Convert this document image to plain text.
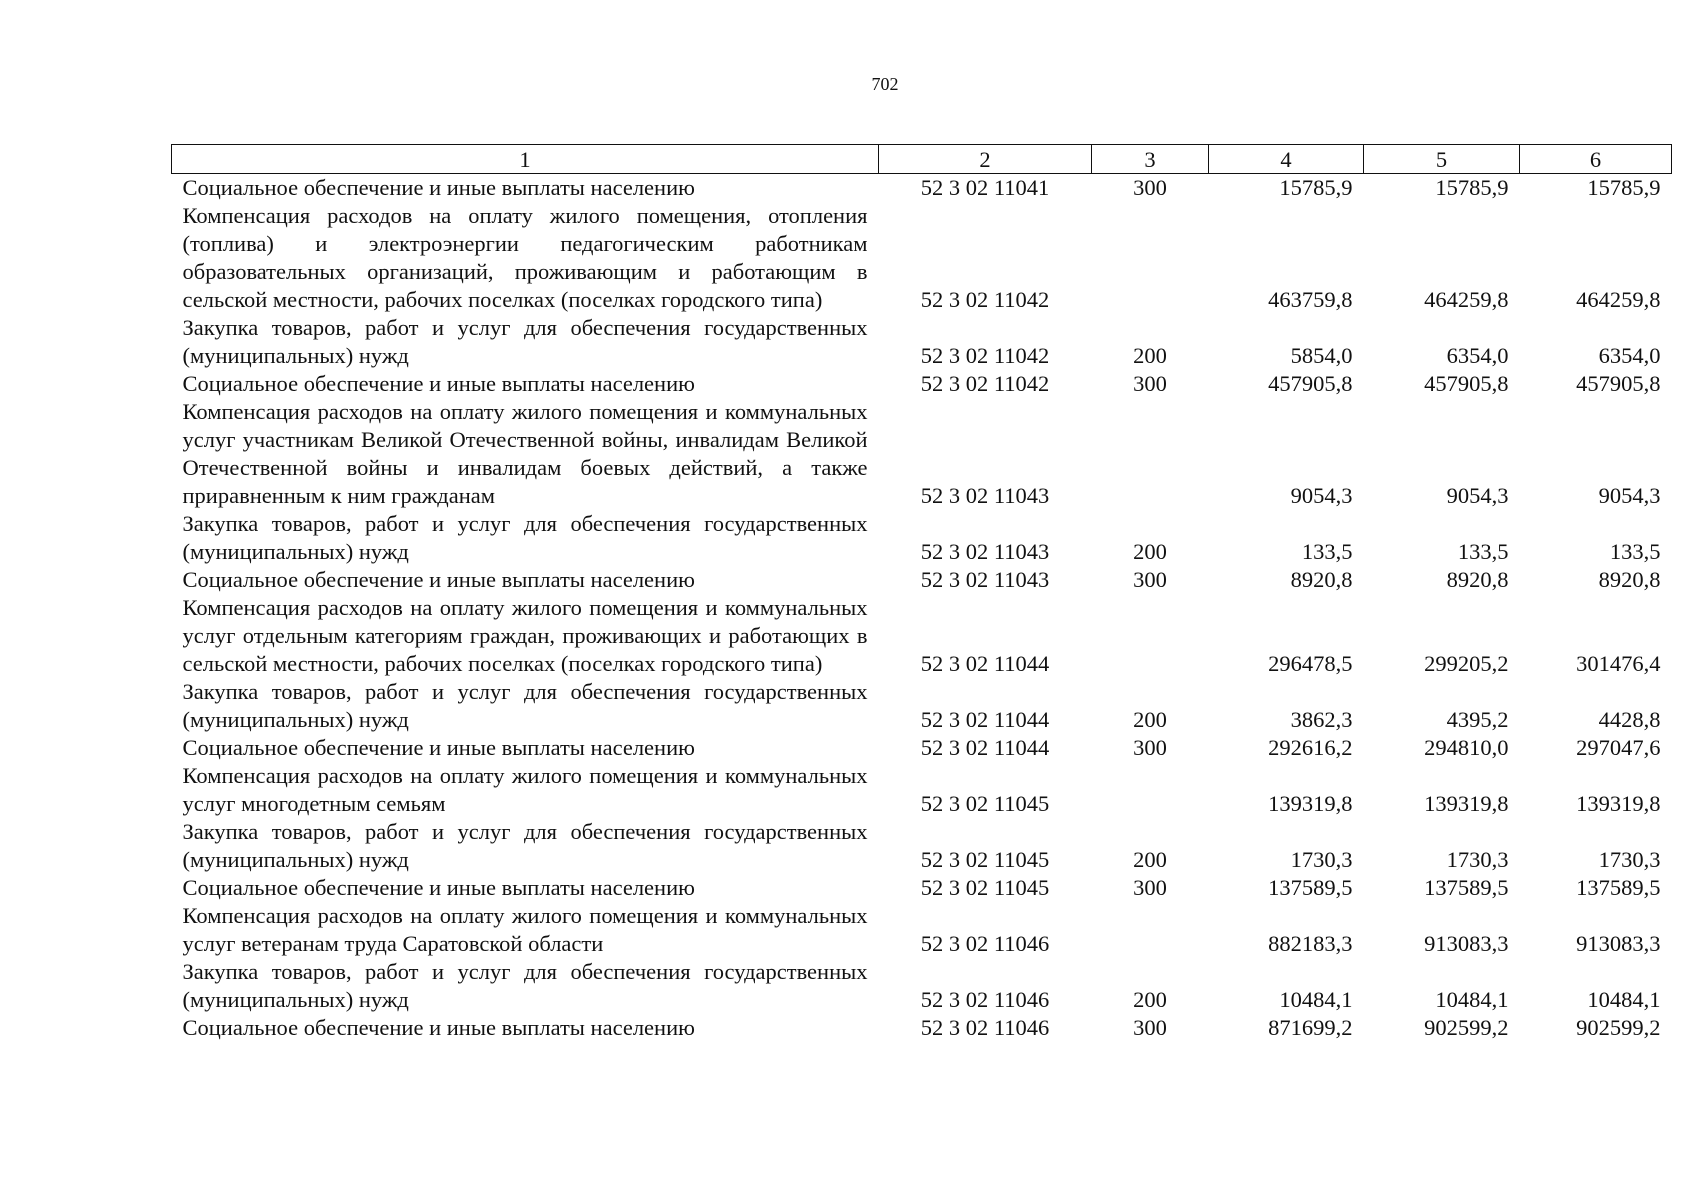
702
1	2	3	4	5	6
Социальное обеспечение и иные выплаты населению	52 3 02 11041	300	15785,9	15785,9	15785,9
Компенсация расходов на оплату жилого помещения, отопления (топлива) и электроэнергии педагогическим работникам образовательных организаций, проживающим и работающим в сельской местности, рабочих поселках (поселках городского типа)	52 3 02 11042		463759,8	464259,8	464259,8
Закупка товаров, работ и услуг для обеспечения государственных (муниципальных) нужд	52 3 02 11042	200	5854,0	6354,0	6354,0
Социальное обеспечение и иные выплаты населению	52 3 02 11042	300	457905,8	457905,8	457905,8
Компенсация расходов на оплату жилого помещения и коммунальных услуг участникам Великой Отечественной войны, инвалидам Великой Отечественной войны и инвалидам боевых действий, а также приравненным к ним гражданам	52 3 02 11043		9054,3	9054,3	9054,3
Закупка товаров, работ и услуг для обеспечения государственных (муниципальных) нужд	52 3 02 11043	200	133,5	133,5	133,5
Социальное обеспечение и иные выплаты населению	52 3 02 11043	300	8920,8	8920,8	8920,8
Компенсация расходов на оплату жилого помещения и коммунальных услуг отдельным категориям граждан, проживающих и работающих в сельской местности, рабочих поселках (поселках городского типа)	52 3 02 11044		296478,5	299205,2	301476,4
Закупка товаров, работ и услуг для обеспечения государственных (муниципальных) нужд	52 3 02 11044	200	3862,3	4395,2	4428,8
Социальное обеспечение и иные выплаты населению	52 3 02 11044	300	292616,2	294810,0	297047,6
Компенсация расходов на оплату жилого помещения и коммунальных услуг многодетным семьям	52 3 02 11045		139319,8	139319,8	139319,8
Закупка товаров, работ и услуг для обеспечения государственных (муниципальных) нужд	52 3 02 11045	200	1730,3	1730,3	1730,3
Социальное обеспечение и иные выплаты населению	52 3 02 11045	300	137589,5	137589,5	137589,5
Компенсация расходов на оплату жилого помещения и коммунальных услуг ветеранам труда Саратовской области	52 3 02 11046		882183,3	913083,3	913083,3
Закупка товаров, работ и услуг для обеспечения государственных (муниципальных) нужд	52 3 02 11046	200	10484,1	10484,1	10484,1
Социальное обеспечение и иные выплаты населению	52 3 02 11046	300	871699,2	902599,2	902599,2
